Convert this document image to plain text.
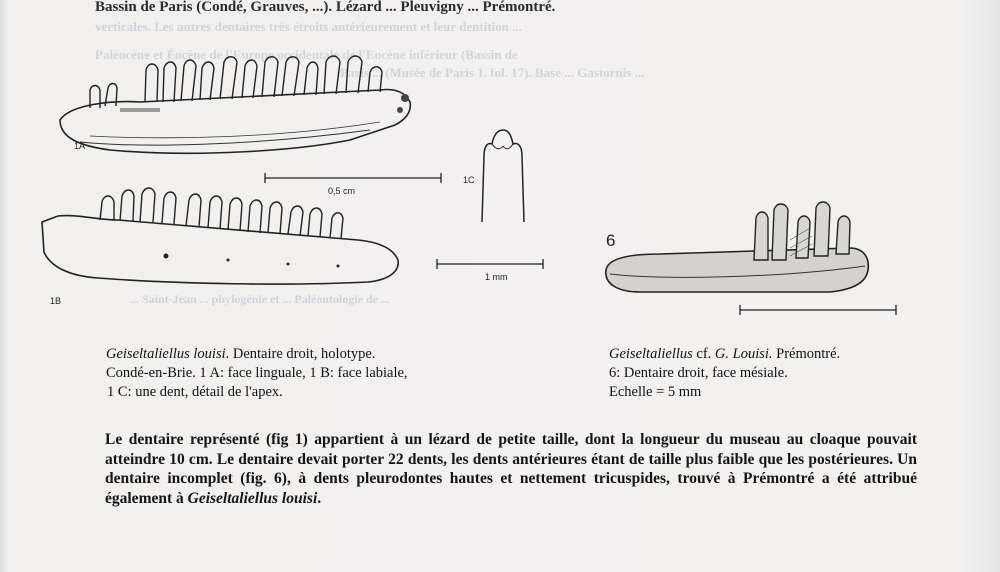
Bassin de Paris (Condé, Grauves, ...). Lézard ... Pleuvigny ... Prémontré.
verticales. Les autres dentaires très étroits antérieurement et leur dentition ...
Paléocène et Éocène de l'Europe occidentale de l'Eocène inférieur (Bassin de
Paris ... (Musée de Paris 1. fol. 17). Base ... Gastornis ...
... Saint-Jean ... phylogénie et ... Paléontologie de ...
1A
0,5 cm
1C
1 mm
1B
6
Geiseltaliellus louisi. Dentaire droit, holotype.
Condé-en-Brie. 1 A: face linguale, 1 B: face labiale,
1 C: une dent, détail de l'apex.
Geiseltaliellus cf. G. Louisi. Prémontré.
6: Dentaire droit, face mésiale.
Echelle = 5 mm
Le dentaire représenté (fig 1) appartient à un lézard de petite taille, dont la longueur du museau au cloaque pouvait atteindre 10 cm. Le dentaire devait porter 22 dents, les dents antérieures étant de taille plus faible que les postérieures. Un dentaire incomplet (fig. 6), à dents pleurodontes hautes et nettement tricuspides, trouvé à Prémontré a été attribué également à Geiseltaliellus louisi.
